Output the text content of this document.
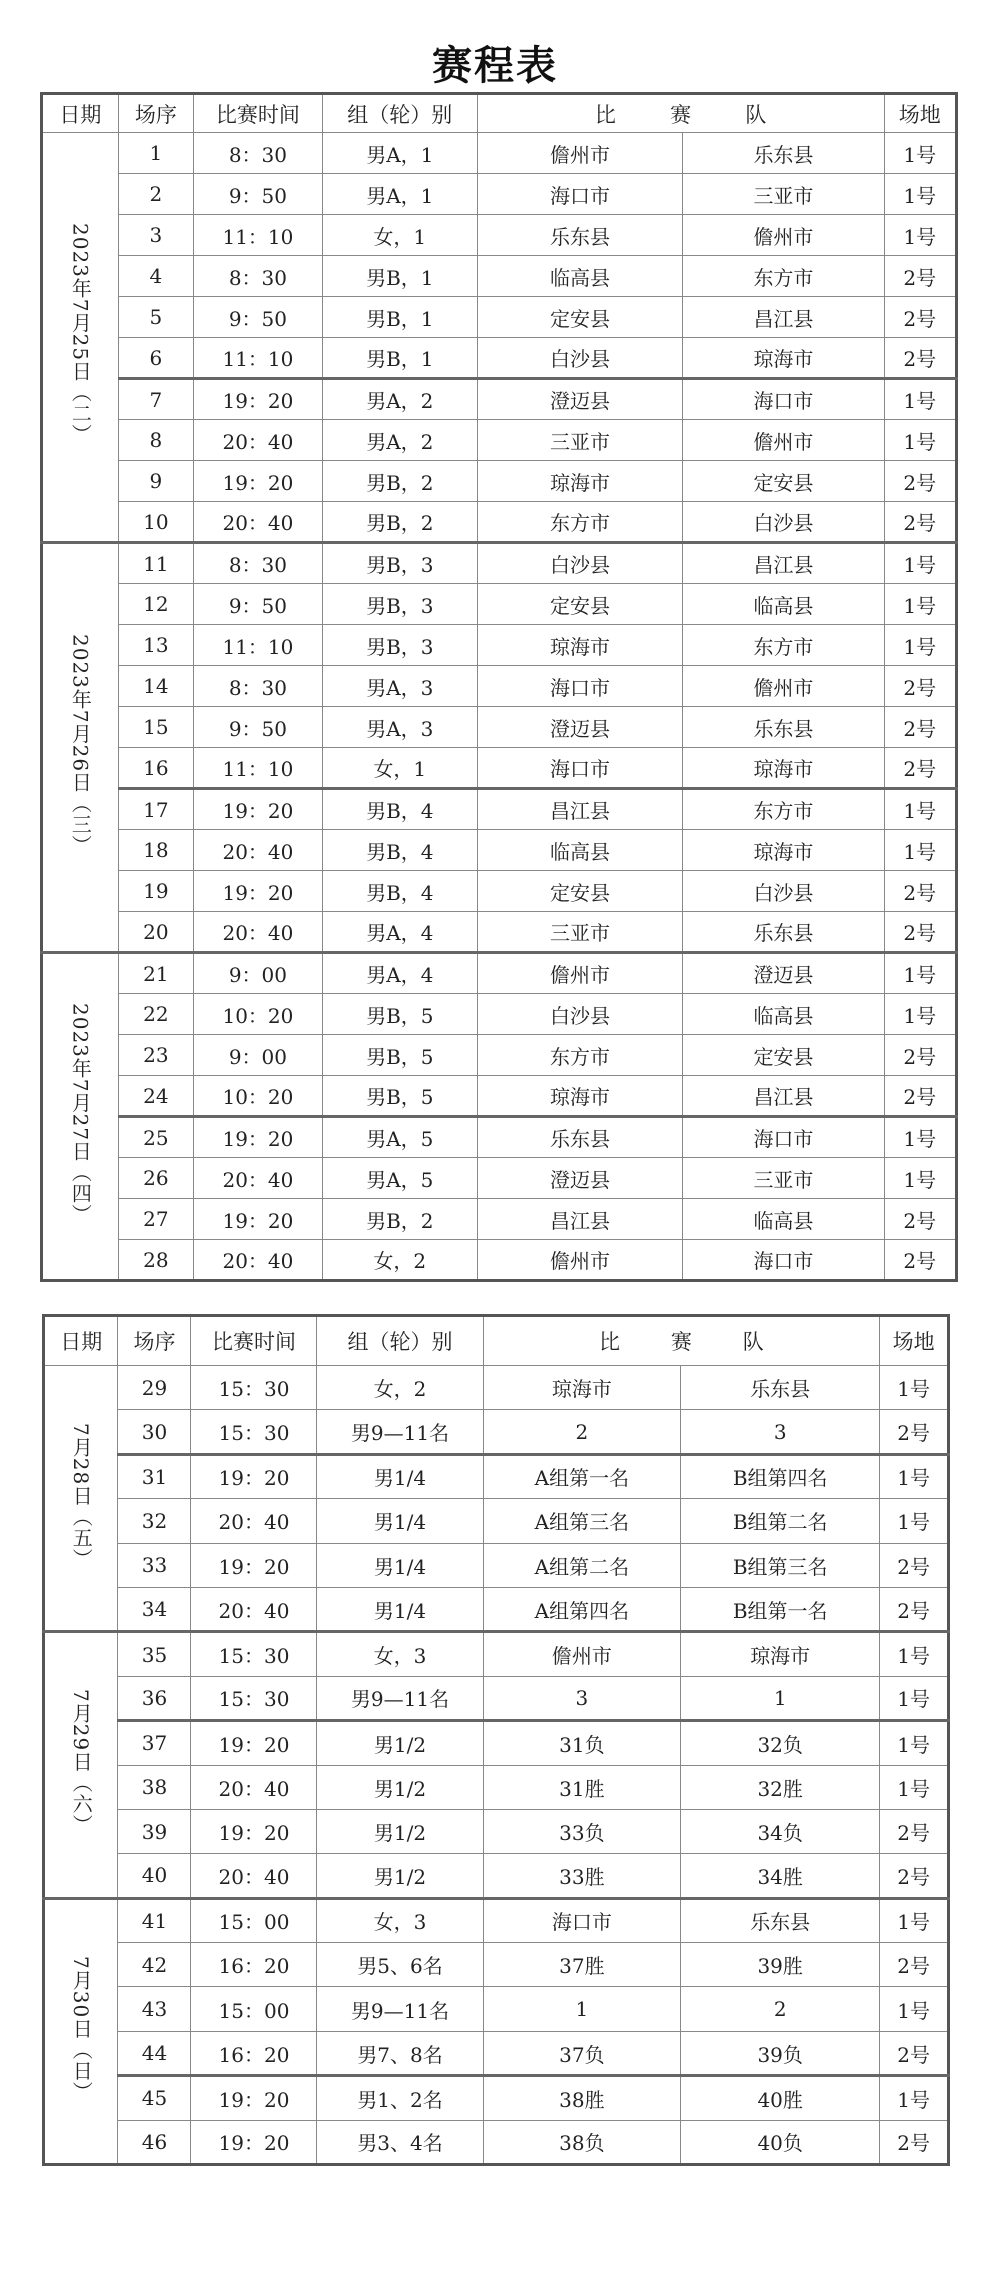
赛程表
日期	场序	比赛时间	组（轮）别	比 赛 队		场地
2023年7月25日（二）	1	8：30	男A，1	儋州市	乐东县	1号
	2	9：50	男A，1	海口市	三亚市	1号
	3	11：10	女，1	乐东县	儋州市	1号
	4	8：30	男B，1	临高县	东方市	2号
	5	9：50	男B，1	定安县	昌江县	2号
	6	11：10	男B，1	白沙县	琼海市	2号
	7	19：20	男A，2	澄迈县	海口市	1号
	8	20：40	男A，2	三亚市	儋州市	1号
	9	19：20	男B，2	琼海市	定安县	2号
	10	20：40	男B，2	东方市	白沙县	2号
2023年7月26日（三）	11	8：30	男B，3	白沙县	昌江县	1号
	12	9：50	男B，3	定安县	临高县	1号
	13	11：10	男B，3	琼海市	东方市	1号
	14	8：30	男A，3	海口市	儋州市	2号
	15	9：50	男A，3	澄迈县	乐东县	2号
	16	11：10	女，1	海口市	琼海市	2号
	17	19：20	男B，4	昌江县	东方市	1号
	18	20：40	男B，4	临高县	琼海市	1号
	19	19：20	男B，4	定安县	白沙县	2号
	20	20：40	男A，4	三亚市	乐东县	2号
2023年7月27日（四）	21	9：00	男A，4	儋州市	澄迈县	1号
	22	10：20	男B，5	白沙县	临高县	1号
	23	9：00	男B，5	东方市	定安县	2号
	24	10：20	男B，5	琼海市	昌江县	2号
	25	19：20	男A，5	乐东县	海口市	1号
	26	20：40	男A，5	澄迈县	三亚市	1号
	27	19：20	男B，2	昌江县	临高县	2号
	28	20：40	女，2	儋州市	海口市	2号
日期	场序	比赛时间	组（轮）别	比 赛 队		场地
7月28日（五）	29	15：30	女，2	琼海市	乐东县	1号
	30	15：30	男9—11名	2	3	2号
	31	19：20	男1/4	A组第一名	B组第四名	1号
	32	20：40	男1/4	A组第三名	B组第二名	1号
	33	19：20	男1/4	A组第二名	B组第三名	2号
	34	20：40	男1/4	A组第四名	B组第一名	2号
7月29日（六）	35	15：30	女，3	儋州市	琼海市	1号
	36	15：30	男9—11名	3	1	1号
	37	19：20	男1/2	31负	32负	1号
	38	20：40	男1/2	31胜	32胜	1号
	39	19：20	男1/2	33负	34负	2号
	40	20：40	男1/2	33胜	34胜	2号
7月30日（日）	41	15：00	女，3	海口市	乐东县	1号
	42	16：20	男5、6名	37胜	39胜	2号
	43	15：00	男9—11名	1	2	1号
	44	16：20	男7、8名	37负	39负	2号
	45	19：20	男1、2名	38胜	40胜	1号
	46	19：20	男3、4名	38负	40负	2号
